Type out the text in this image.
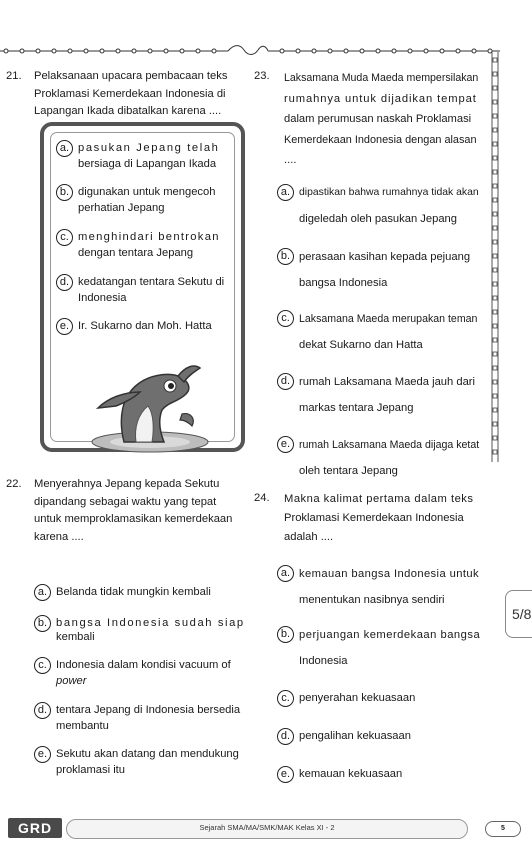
21. Pelaksanaan upacara pembacaan teks
Proklamasi Kemerdekaan Indonesia di
Lapangan Ikada dibatalkan karena ....
a. pasukan Jepang telah
bersiaga di Lapangan Ikada
b. digunakan untuk mengecoh
perhatian Jepang
c. menghindari bentrokan
dengan tentara Jepang
d. kedatangan tentara Sekutu di
Indonesia
e. Ir. Sukarno dan Moh. Hatta
22. Menyerahnya Jepang kepada Sekutu
dipandang sebagai waktu yang tepat
untuk memproklamasikan kemerdekaan
karena ....
a. Belanda tidak mungkin kembali
b. bangsa Indonesia sudah siap
kembali
c. Indonesia dalam kondisi vacuum of
power
d. tentara Jepang di Indonesia bersedia
membantu
e. Sekutu akan datang dan mendukung
proklamasi itu
23. Laksamana Muda Maeda mempersilakan
rumahnya untuk dijadikan tempat
dalam perumusan naskah Proklamasi
Kemerdekaan Indonesia dengan alasan
....
a. dipastikan bahwa rumahnya tidak akan
digeledah oleh pasukan Jepang
b. perasaan kasihan kepada pejuang
bangsa Indonesia
c. Laksamana Maeda merupakan teman
dekat Sukarno dan Hatta
d. rumah Laksamana Maeda jauh dari
markas tentara Jepang
e. rumah Laksamana Maeda dijaga ketat
oleh tentara Jepang
24. Makna kalimat pertama dalam teks
Proklamasi Kemerdekaan Indonesia
adalah ....
a. kemauan bangsa Indonesia untuk
menentukan nasibnya sendiri
b. perjuangan kemerdekaan bangsa
Indonesia
c. penyerahan kekuasaan
d. pengalihan kekuasaan
e. kemauan kekuasaan
5/8
GRD	Sejarah SMA/MA/SMK/MAK Kelas XI - 2	5
